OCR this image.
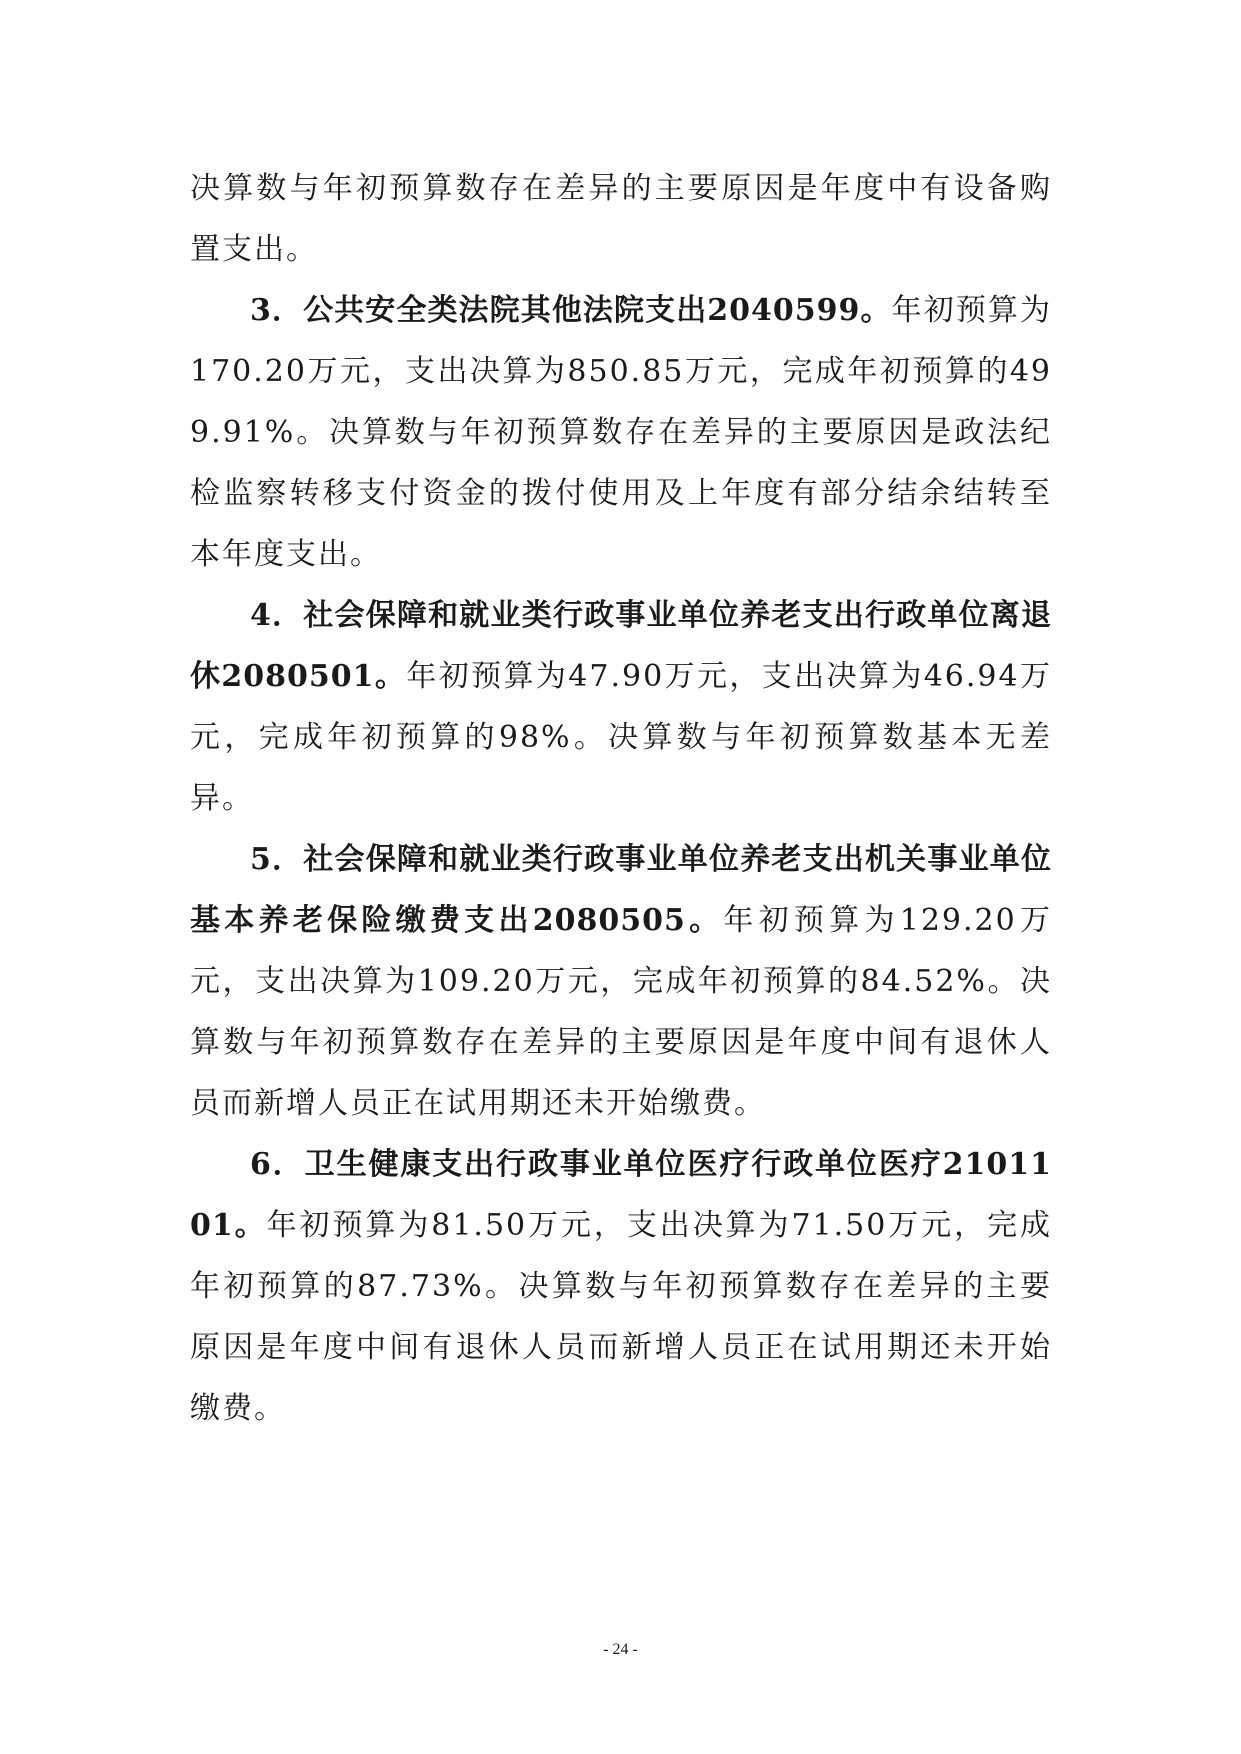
决算数与年初预算数存在差异的主要原因是年度中有设备购置支出。

3．公共安全类法院其他法院支出2040599。年初预算为170.20万元，支出决算为850.85万元，完成年初预算的499.91%。决算数与年初预算数存在差异的主要原因是政法纪检监察转移支付资金的拨付使用及上年度有部分结余结转至本年度支出。

4．社会保障和就业类行政事业单位养老支出行政单位离退休2080501。年初预算为47.90万元，支出决算为46.94万元，完成年初预算的98%。决算数与年初预算数基本无差异。

5．社会保障和就业类行政事业单位养老支出机关事业单位基本养老保险缴费支出2080505。年初预算为129.20万元，支出决算为109.20万元，完成年初预算的84.52%。决算数与年初预算数存在差异的主要原因是年度中间有退休人员而新增人员正在试用期还未开始缴费。

6．卫生健康支出行政事业单位医疗行政单位医疗2101101。年初预算为81.50万元，支出决算为71.50万元，完成年初预算的87.73%。决算数与年初预算数存在差异的主要原因是年度中间有退休人员而新增人员正在试用期还未开始缴费。

- 24 -
